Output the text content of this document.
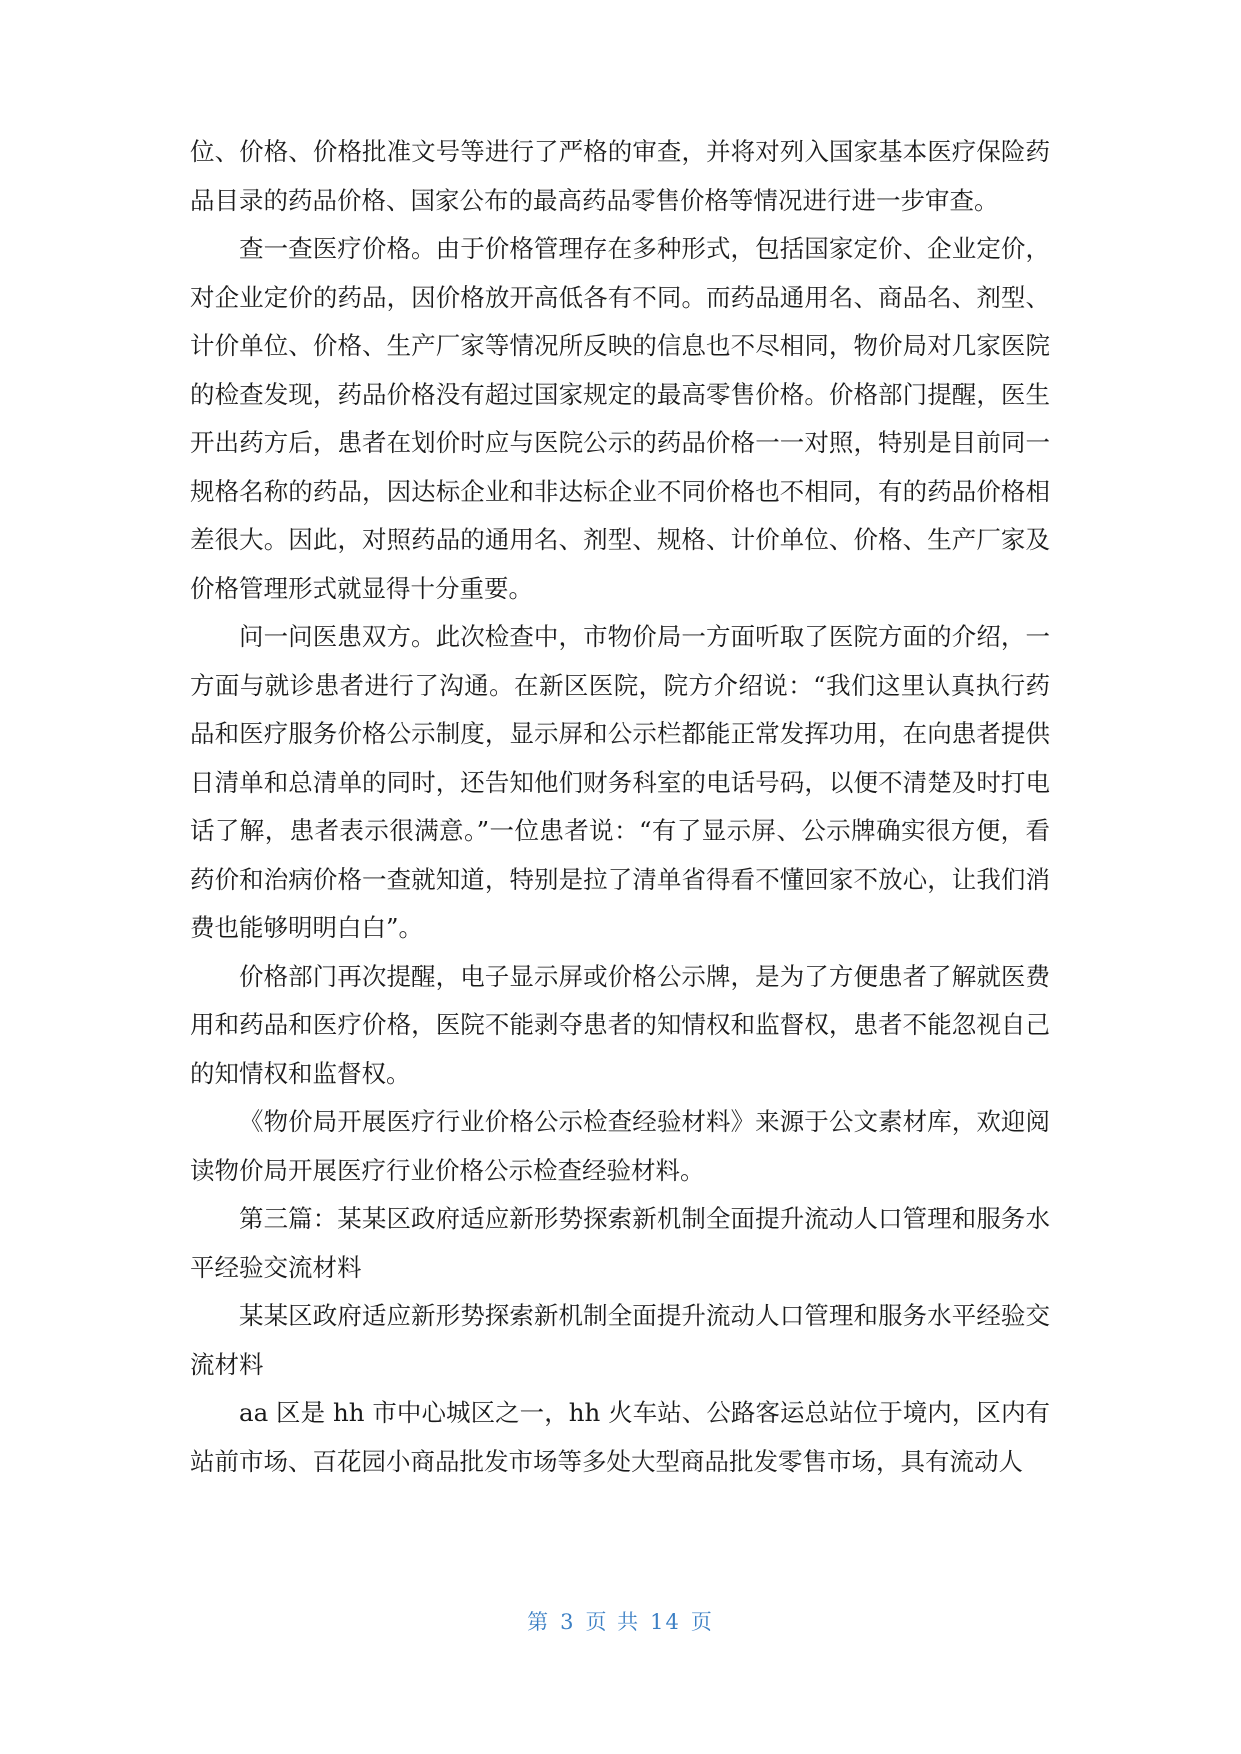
位、价格、价格批准文号等进行了严格的审查，并将对列入国家基本医疗保险药品目录的药品价格、国家公布的最高药品零售价格等情况进行进一步审查。

查一查医疗价格。由于价格管理存在多种形式，包括国家定价、企业定价，对企业定价的药品，因价格放开高低各有不同。而药品通用名、商品名、剂型、计价单位、价格、生产厂家等情况所反映的信息也不尽相同，物价局对几家医院的检查发现，药品价格没有超过国家规定的最高零售价格。价格部门提醒，医生开出药方后，患者在划价时应与医院公示的药品价格一一对照，特别是目前同一规格名称的药品，因达标企业和非达标企业不同价格也不相同，有的药品价格相差很大。因此，对照药品的通用名、剂型、规格、计价单位、价格、生产厂家及价格管理形式就显得十分重要。

问一问医患双方。此次检查中，市物价局一方面听取了医院方面的介绍，一方面与就诊患者进行了沟通。在新区医院，院方介绍说：“我们这里认真执行药品和医疗服务价格公示制度，显示屏和公示栏都能正常发挥功用，在向患者提供日清单和总清单的同时，还告知他们财务科室的电话号码，以便不清楚及时打电话了解，患者表示很满意。”一位患者说：“有了显示屏、公示牌确实很方便，看药价和治病价格一查就知道，特别是拉了清单省得看不懂回家不放心，让我们消费也能够明明白白”。

价格部门再次提醒，电子显示屏或价格公示牌，是为了方便患者了解就医费用和药品和医疗价格，医院不能剥夺患者的知情权和监督权，患者不能忽视自己的知情权和监督权。

《物价局开展医疗行业价格公示检查经验材料》来源于公文素材库，欢迎阅读物价局开展医疗行业价格公示检查经验材料。

第三篇：某某区政府适应新形势探索新机制全面提升流动人口管理和服务水平经验交流材料

某某区政府适应新形势探索新机制全面提升流动人口管理和服务水平经验交流材料

aa 区是 hh 市中心城区之一，hh 火车站、公路客运总站位于境内，区内有站前市场、百花园小商品批发市场等多处大型商品批发零售市场，具有流动人

第 3 页 共 14 页
